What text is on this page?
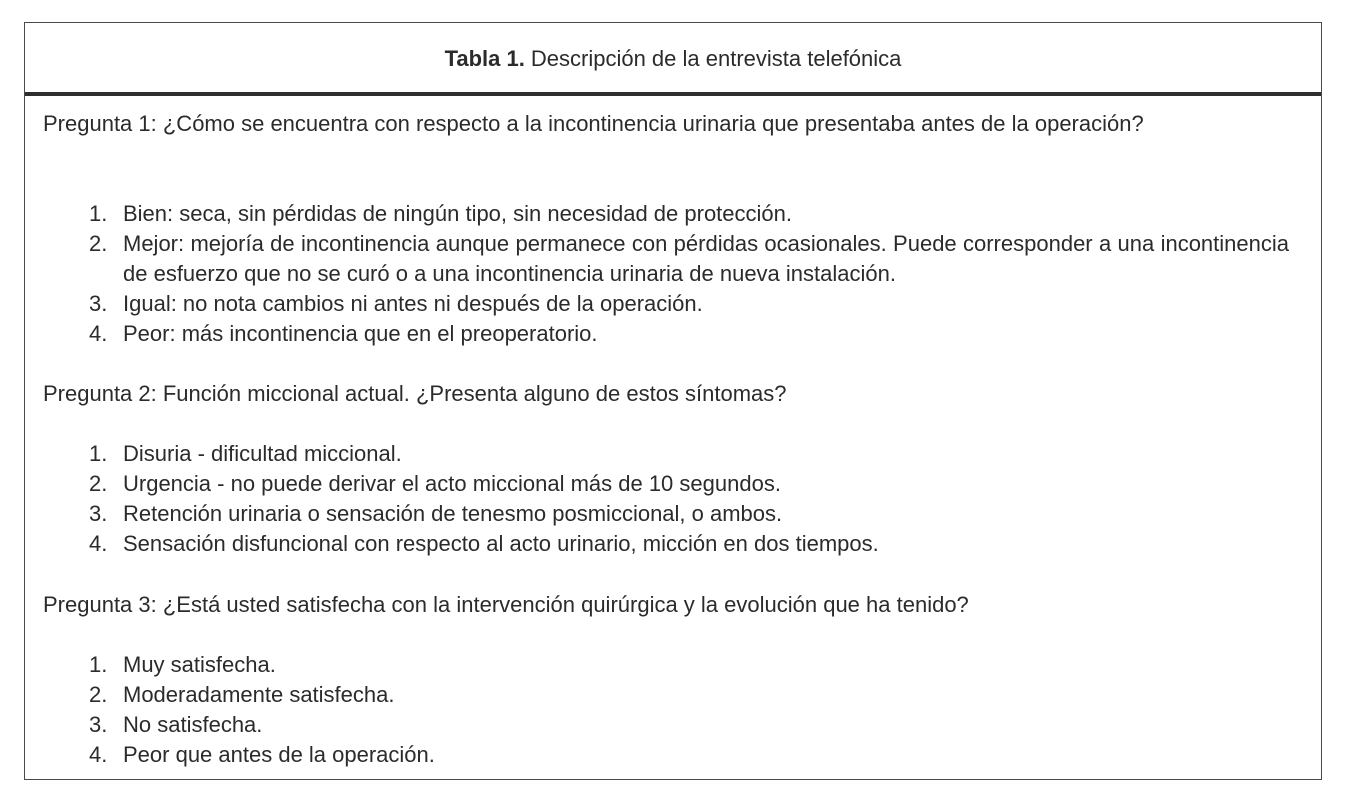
Tabla 1. Descripción de la entrevista telefónica

Pregunta 1: ¿Cómo se encuentra con respecto a la incontinencia urinaria que presentaba antes de la operación?

1. Bien: seca, sin pérdidas de ningún tipo, sin necesidad de protección.
2. Mejor: mejoría de incontinencia aunque permanece con pérdidas ocasionales. Puede corresponder a una incontinencia de esfuerzo que no se curó o a una incontinencia urinaria de nueva instalación.
3. Igual: no nota cambios ni antes ni después de la operación.
4. Peor: más incontinencia que en el preoperatorio.

Pregunta 2: Función miccional actual. ¿Presenta alguno de estos síntomas?

1. Disuria - dificultad miccional.
2. Urgencia - no puede derivar el acto miccional más de 10 segundos.
3. Retención urinaria o sensación de tenesmo posmiccional, o ambos.
4. Sensación disfuncional con respecto al acto urinario, micción en dos tiempos.

Pregunta 3: ¿Está usted satisfecha con la intervención quirúrgica y la evolución que ha tenido?

1. Muy satisfecha.
2. Moderadamente satisfecha.
3. No satisfecha.
4. Peor que antes de la operación.
